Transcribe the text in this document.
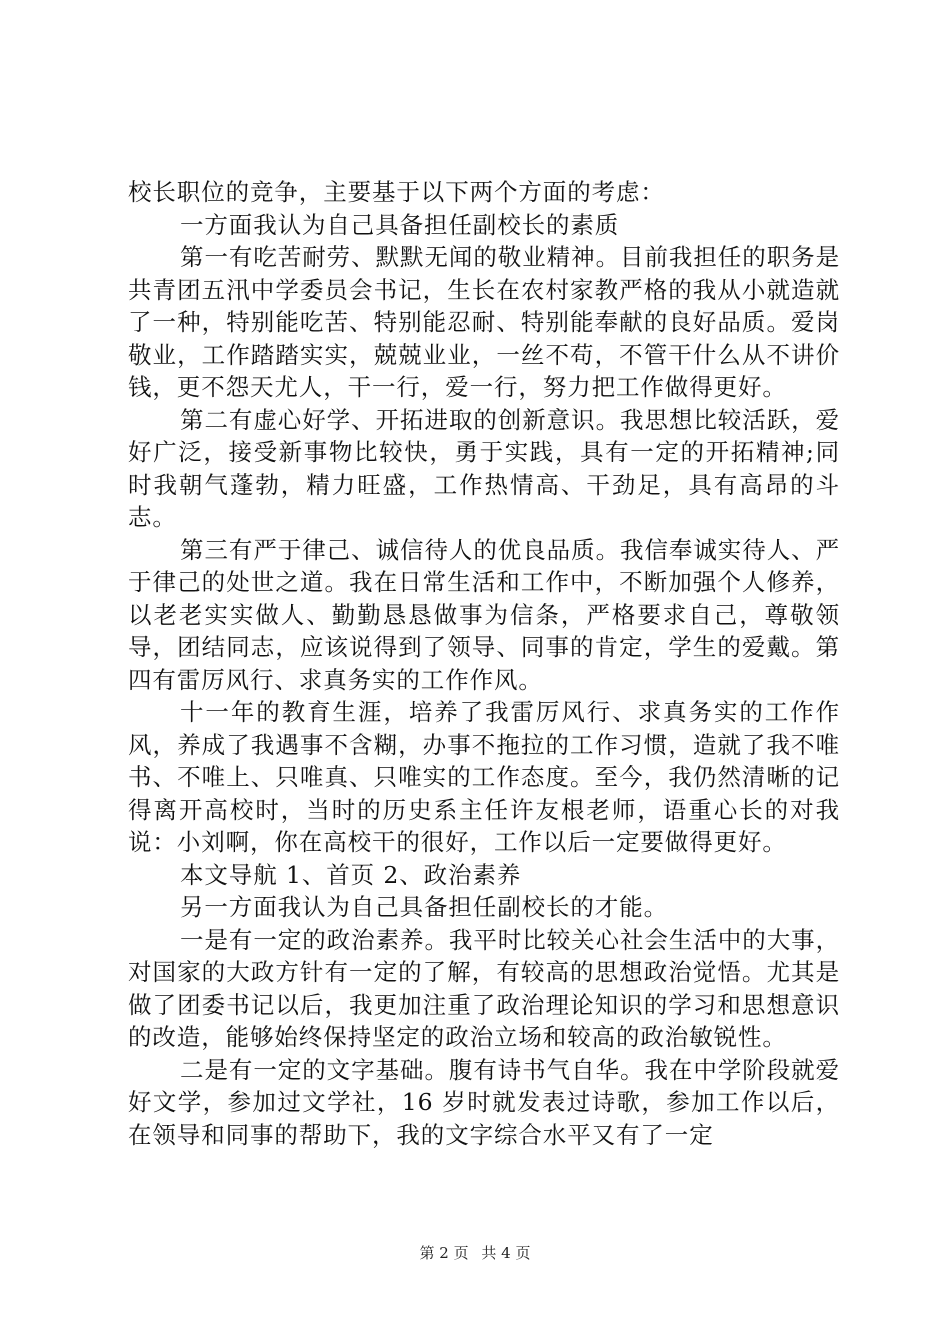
校长职位的竞争，主要基于以下两个方面的考虑：

一方面我认为自己具备担任副校长的素质

第一有吃苦耐劳、默默无闻的敬业精神。目前我担任的职务是共青团五汛中学委员会书记，生长在农村家教严格的我从小就造就了一种，特别能吃苦、特别能忍耐、特别能奉献的良好品质。爱岗敬业，工作踏踏实实，兢兢业业，一丝不苟，不管干什么从不讲价钱，更不怨天尤人，干一行，爱一行，努力把工作做得更好。

第二有虚心好学、开拓进取的创新意识。我思想比较活跃，爱好广泛，接受新事物比较快，勇于实践，具有一定的开拓精神;同时我朝气蓬勃，精力旺盛，工作热情高、干劲足，具有高昂的斗志。

第三有严于律己、诚信待人的优良品质。我信奉诚实待人、严于律己的处世之道。我在日常生活和工作中，不断加强个人修养，以老老实实做人、勤勤恳恳做事为信条，严格要求自己，尊敬领导，团结同志，应该说得到了领导、同事的肯定，学生的爱戴。第四有雷厉风行、求真务实的工作作风。

十一年的教育生涯，培养了我雷厉风行、求真务实的工作作风，养成了我遇事不含糊，办事不拖拉的工作习惯，造就了我不唯书、不唯上、只唯真、只唯实的工作态度。至今，我仍然清晰的记得离开高校时，当时的历史系主任许友根老师，语重心长的对我说：小刘啊，你在高校干的很好，工作以后一定要做得更好。

本文导航 1、首页 2、政治素养

另一方面我认为自己具备担任副校长的才能。

一是有一定的政治素养。我平时比较关心社会生活中的大事，对国家的大政方针有一定的了解，有较高的思想政治觉悟。尤其是做了团委书记以后，我更加注重了政治理论知识的学习和思想意识的改造，能够始终保持坚定的政治立场和较高的政治敏锐性。

二是有一定的文字基础。腹有诗书气自华。我在中学阶段就爱好文学，参加过文学社，16 岁时就发表过诗歌，参加工作以后，在领导和同事的帮助下，我的文字综合水平又有了一定

第 2 页 共 4 页
